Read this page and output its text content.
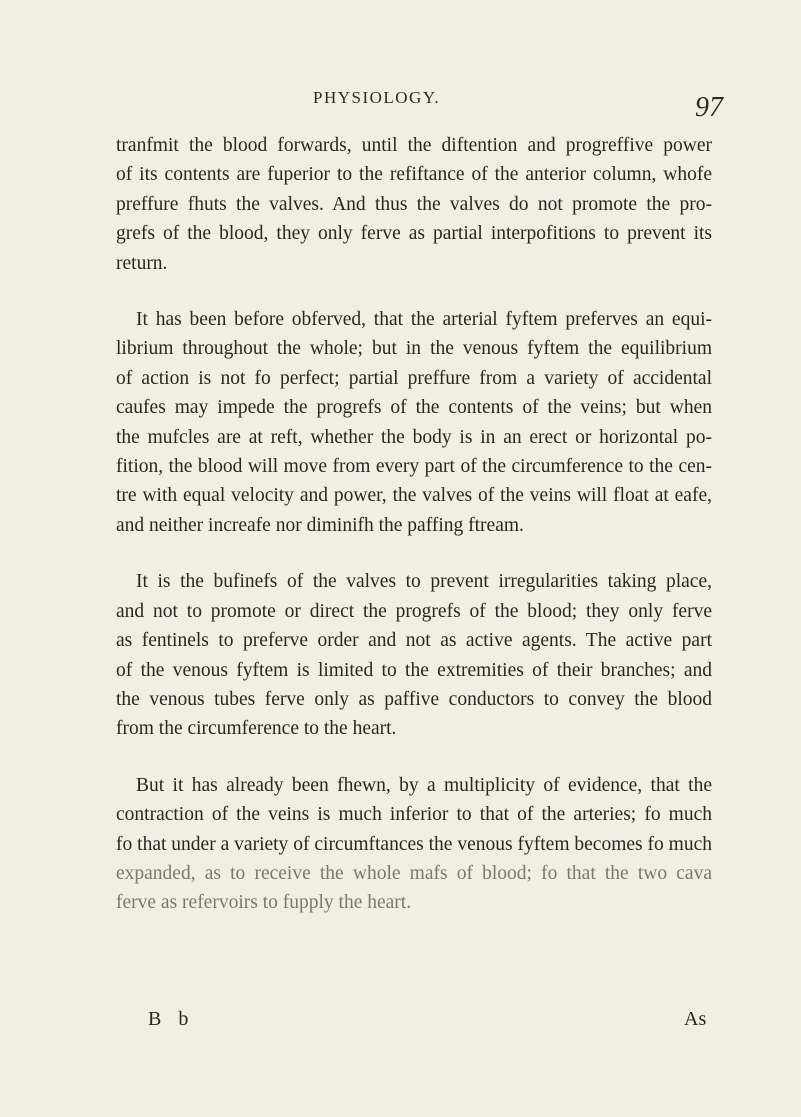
PHYSIOLOGY.	97
tranfmit the blood forwards, until the diftention and progreffive power
of its contents are fuperior to the refiftance of the anterior column, whofe
preffure fhuts the valves. And thus the valves do not promote the pro-
grefs of the blood, they only ferve as partial interpofitions to prevent its
return.
It has been before obferved, that the arterial fyftem preferves an equi-
librium throughout the whole; but in the venous fyftem the equilibrium
of action is not fo perfect; partial preffure from a variety of accidental
caufes may impede the progrefs of the contents of the veins; but when
the mufcles are at reft, whether the body is in an erect or horizontal po-
fition, the blood will move from every part of the circumference to the cen-
tre with equal velocity and power, the valves of the veins will float at eafe,
and neither increafe nor diminifh the paffing ftream.
It is the bufinefs of the valves to prevent irregularities taking place,
and not to promote or direct the progrefs of the blood; they only ferve
as fentinels to preferve order and not as active agents. The active part
of the venous fyftem is limited to the extremities of their branches; and
the venous tubes ferve only as paffive conductors to convey the blood
from the circumference to the heart.
But it has already been fhewn, by a multiplicity of evidence, that the
contraction of the veins is much inferior to that of the arteries; fo much
fo that under a variety of circumftances the venous fyftem becomes fo much
expanded, as to receive the whole mafs of blood; fo that the two cava
ferve as refervoirs to fupply the heart.
B b	As
